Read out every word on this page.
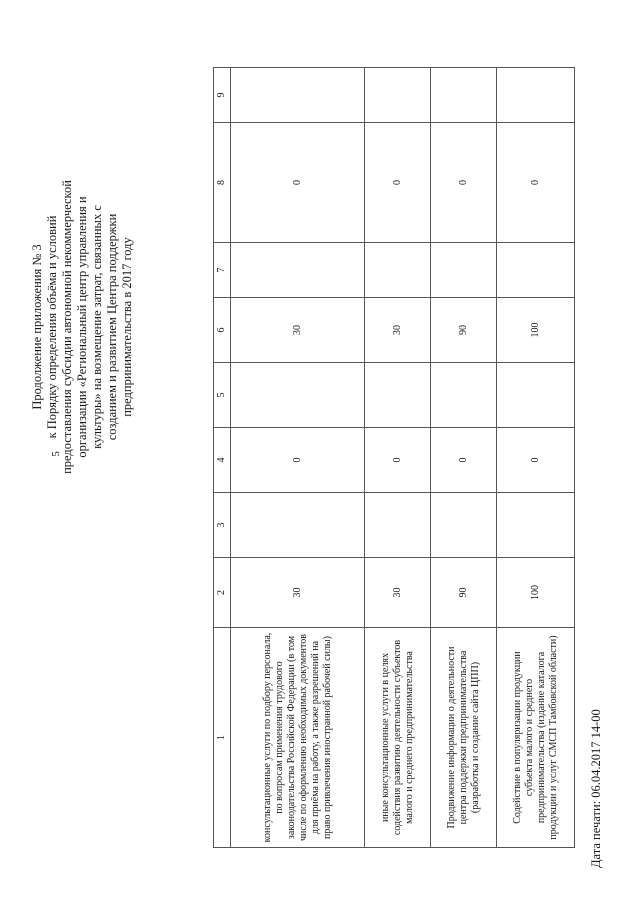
5
Продолжение приложения № 3 к Порядку определения объёма и условий предоставления субсидии автономной некоммерческой организации «Региональный центр управления и культуры» на возмещение затрат, связанных с созданием и развитием Центра поддержки предпринимательства в 2017 году
1	2	3	4	5	6	7	8	9
консультационные услуги по подбору персонала, по вопросам применения трудового законодательства Российской Федерации (в том числе по оформлению необходимых документов для приёма на работу, а также разрешений на право привлечения иностранной рабочей силы)	30		0		30		0	
иные консультационные услуги в целях содействия развитию деятельности субъектов малого и среднего предпринимательства	30		0		30		0	
Продвижение информации о деятельности центра поддержки предпринимательства (разработка и создание сайта ЦПП)	90		0		90		0	
Содействие в популяризации продукции субъекта малого и среднего предпринимательства (издание каталога продукции и услуг СМСП Тамбовской области)	100		0		100		0	
Дата печати: 06.04.2017 14-00
